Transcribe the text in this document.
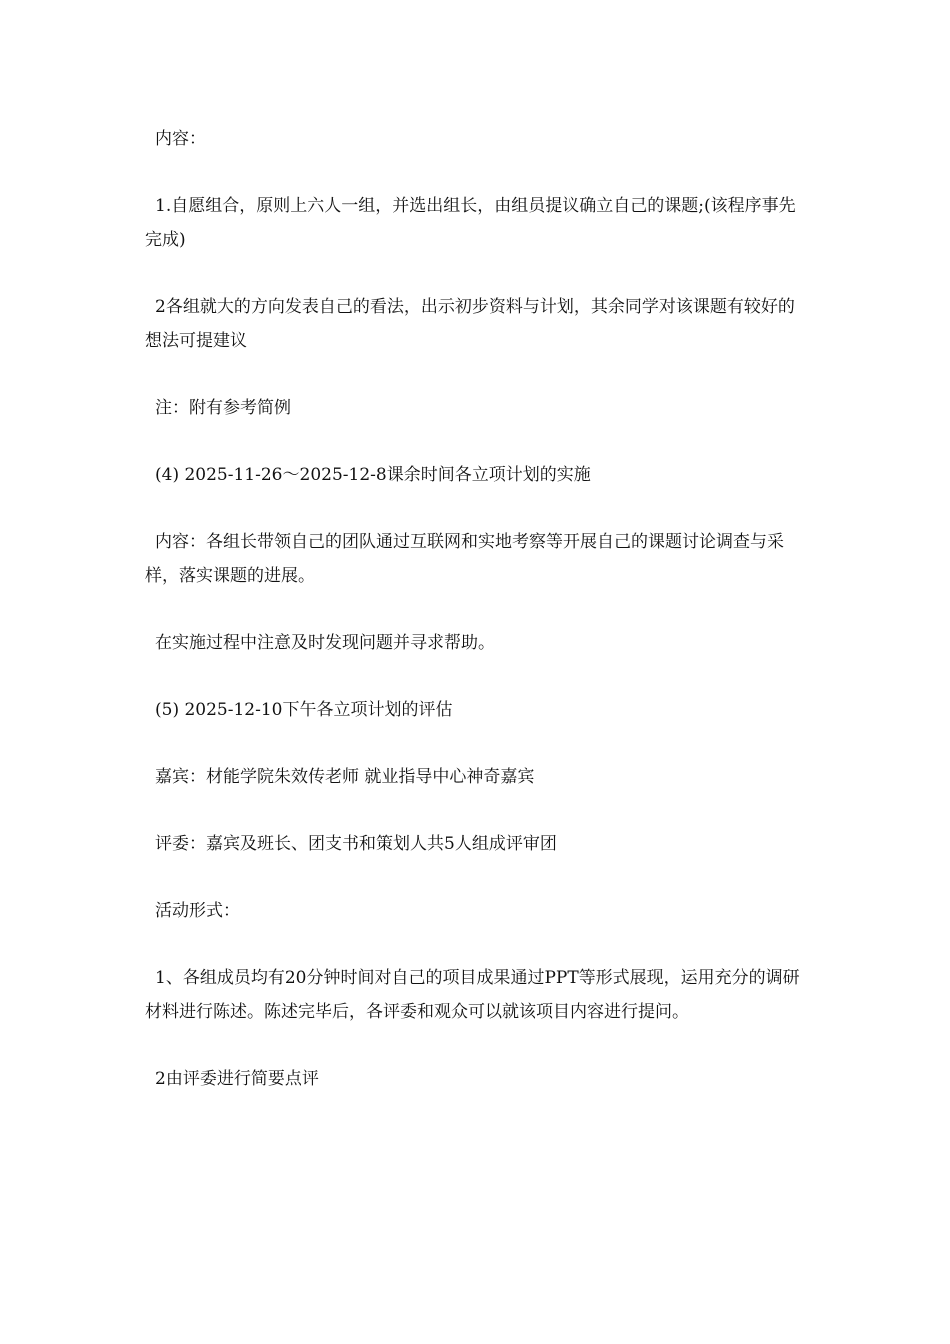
内容：

1.自愿组合，原则上六人一组，并选出组长，由组员提议确立自己的课题;(该程序事先完成)

2各组就大的方向发表自己的看法，出示初步资料与计划，其余同学对该课题有较好的想法可提建议

注：附有参考简例

(4) 2025-11-26～2025-12-8课余时间各立项计划的实施

内容：各组长带领自己的团队通过互联网和实地考察等开展自己的课题讨论调查与采样，落实课题的进展。

在实施过程中注意及时发现问题并寻求帮助。

(5) 2025-12-10下午各立项计划的评估

嘉宾：材能学院朱效传老师 就业指导中心神奇嘉宾

评委：嘉宾及班长、团支书和策划人共5人组成评审团

活动形式：

1、各组成员均有20分钟时间对自己的项目成果通过PPT等形式展现，运用充分的调研材料进行陈述。陈述完毕后，各评委和观众可以就该项目内容进行提问。

2由评委进行简要点评
